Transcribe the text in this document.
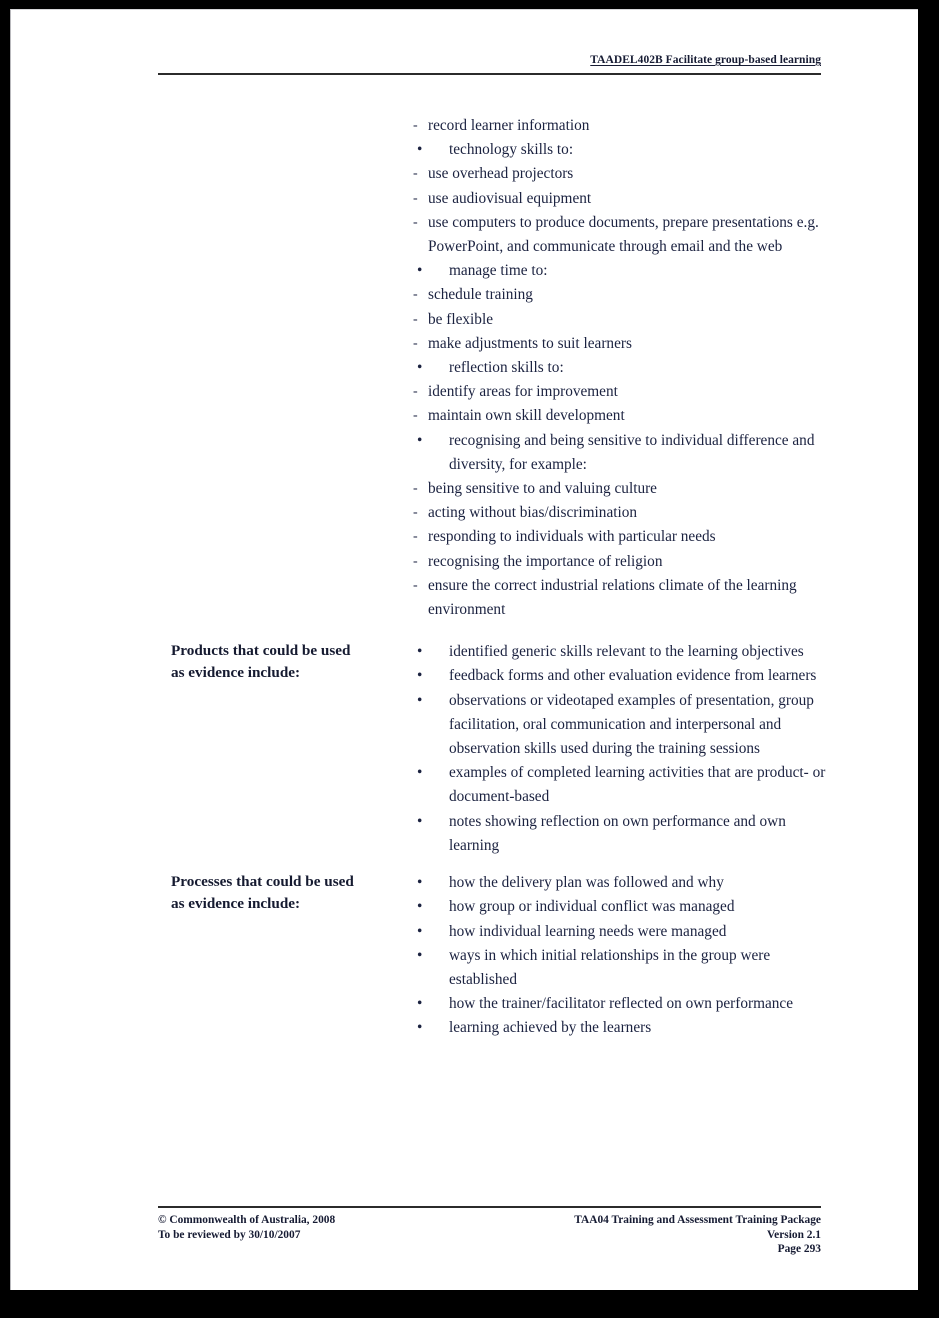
TAADEL402B Facilitate group-based learning
- record learner information
• technology skills to:
- use overhead projectors
- use audiovisual equipment
- use computers to produce documents, prepare presentations e.g. PowerPoint, and communicate through email and the web
• manage time to:
- schedule training
- be flexible
- make adjustments to suit learners
• reflection skills to:
- identify areas for improvement
- maintain own skill development
• recognising and being sensitive to individual difference and diversity, for example:
- being sensitive to and valuing culture
- acting without bias/discrimination
- responding to individuals with particular needs
- recognising the importance of religion
- ensure the correct industrial relations climate of the learning environment

Products that could be used

as evidence include:

• identified generic skills relevant to the learning objectives
• feedback forms and other evaluation evidence from learners
• observations or videotaped examples of presentation, group facilitation, oral communication and interpersonal and observation skills used during the training sessions
• examples of completed learning activities that are product- or document-based
• notes showing reflection on own performance and own learning

Processes that could be used

as evidence include:

• how the delivery plan was followed and why
• how group or individual conflict was managed
• how individual learning needs were managed
• ways in which initial relationships in the group were established
• how the trainer/facilitator reflected on own performance
• learning achieved by the learners
© Commonwealth of Australia, 2008
To be reviewed by 30/10/2007
TAA04 Training and Assessment Training Package
Version 2.1
Page 293
